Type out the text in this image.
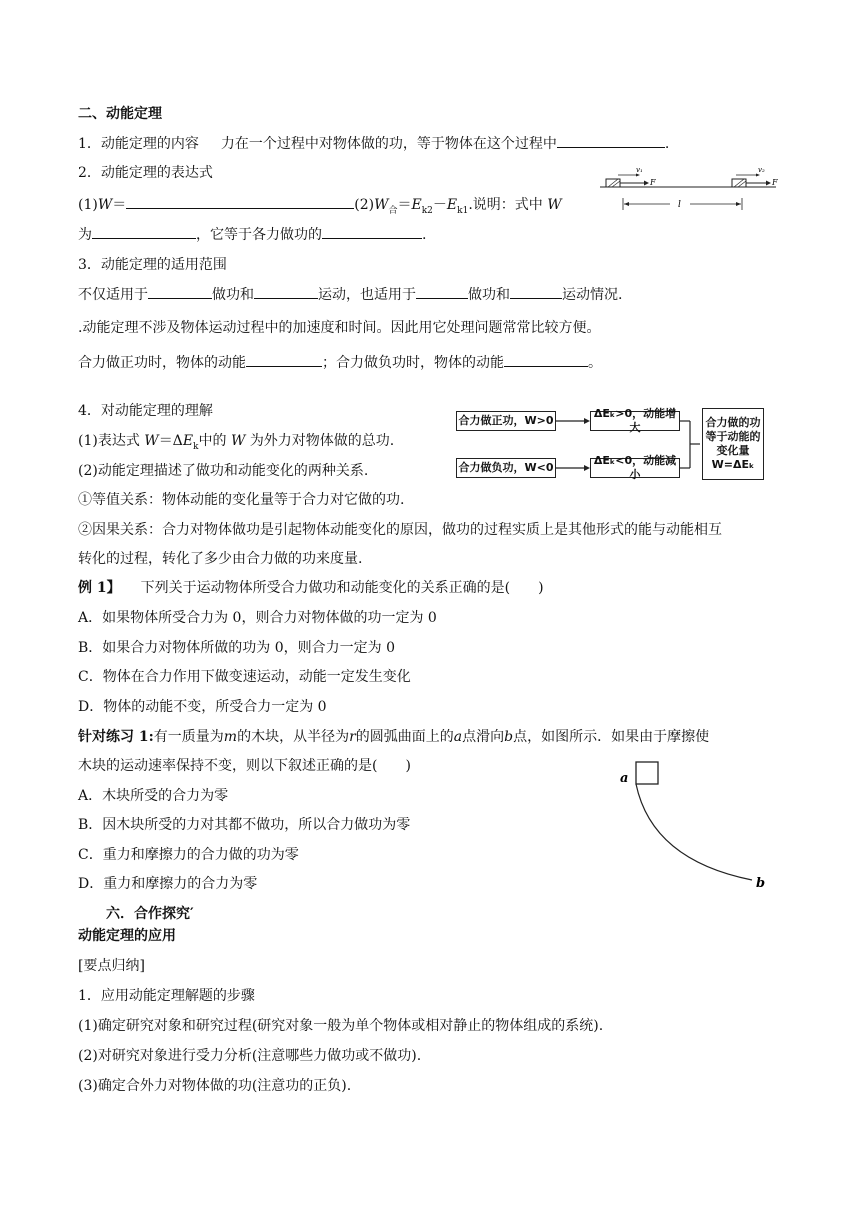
二、动能定理
1．动能定理的内容 力在一个过程中对物体做的功，等于物体在这个过程中	.
2．动能定理的表达式
(1)W＝	$(2)W_合=E_{k2}-E_{k1}$.说明：式中 W
为	，它等于各力做功的	.
v₁
F
v₂
F
l
3．动能定理的适用范围
不仅适用于	做功和	运动，也适用于	做功和	运动情况.
.动能定理不涉及物体运动过程中的加速度和时间。因此用它处理问题常常比较方便。
合力做正功时，物体的动能	；合力做负功时，物体的动能	。
4．对动能定理的理解
(1)表达式 $W=\Delta E_k$中的 W 为外力对物体做的总功.
(2)动能定理描述了做功和动能变化的两种关系.
①等值关系：物体动能的变化量等于合力对它做的功.
②因果关系：合力对物体做功是引起物体动能变化的原因，做功的过程实质上是其他形式的能与动能相互
转化的过程，转化了多少由合力做的功来度量.
合力做正功，W>0
ΔEₖ>0，动能增大
合力做负功，W<0
ΔEₖ<0，动能减小
合力做的功等于动能的变化量W=ΔEₖ
例 1】 下列关于运动物体所受合力做功和动能变化的关系正确的是(　　)
A．如果物体所受合力为 0，则合力对物体做的功一定为 0
B．如果合力对物体所做的功为 0，则合力一定为 0
C．物体在合力作用下做变速运动，动能一定发生变化
D．物体的动能不变，所受合力一定为 0
针对练习 1:有一质量为m的木块，从半径为r的圆弧曲面上的a点滑向b点，如图所示．如果由于摩擦使
木块的运动速率保持不变，则以下叙述正确的是(　　)
A．木块所受的合力为零
B．因木块所受的力对其都不做功，所以合力做功为零
C．重力和摩擦力的合力做的功为零
D．重力和摩擦力的合力为零
a
b
六．合作探究′
动能定理的应用
[要点归纳]
1．应用动能定理解题的步骤
(1)确定研究对象和研究过程(研究对象一般为单个物体或相对静止的物体组成的系统).
(2)对研究对象进行受力分析(注意哪些力做功或不做功).
(3)确定合外力对物体做的功(注意功的正负).
